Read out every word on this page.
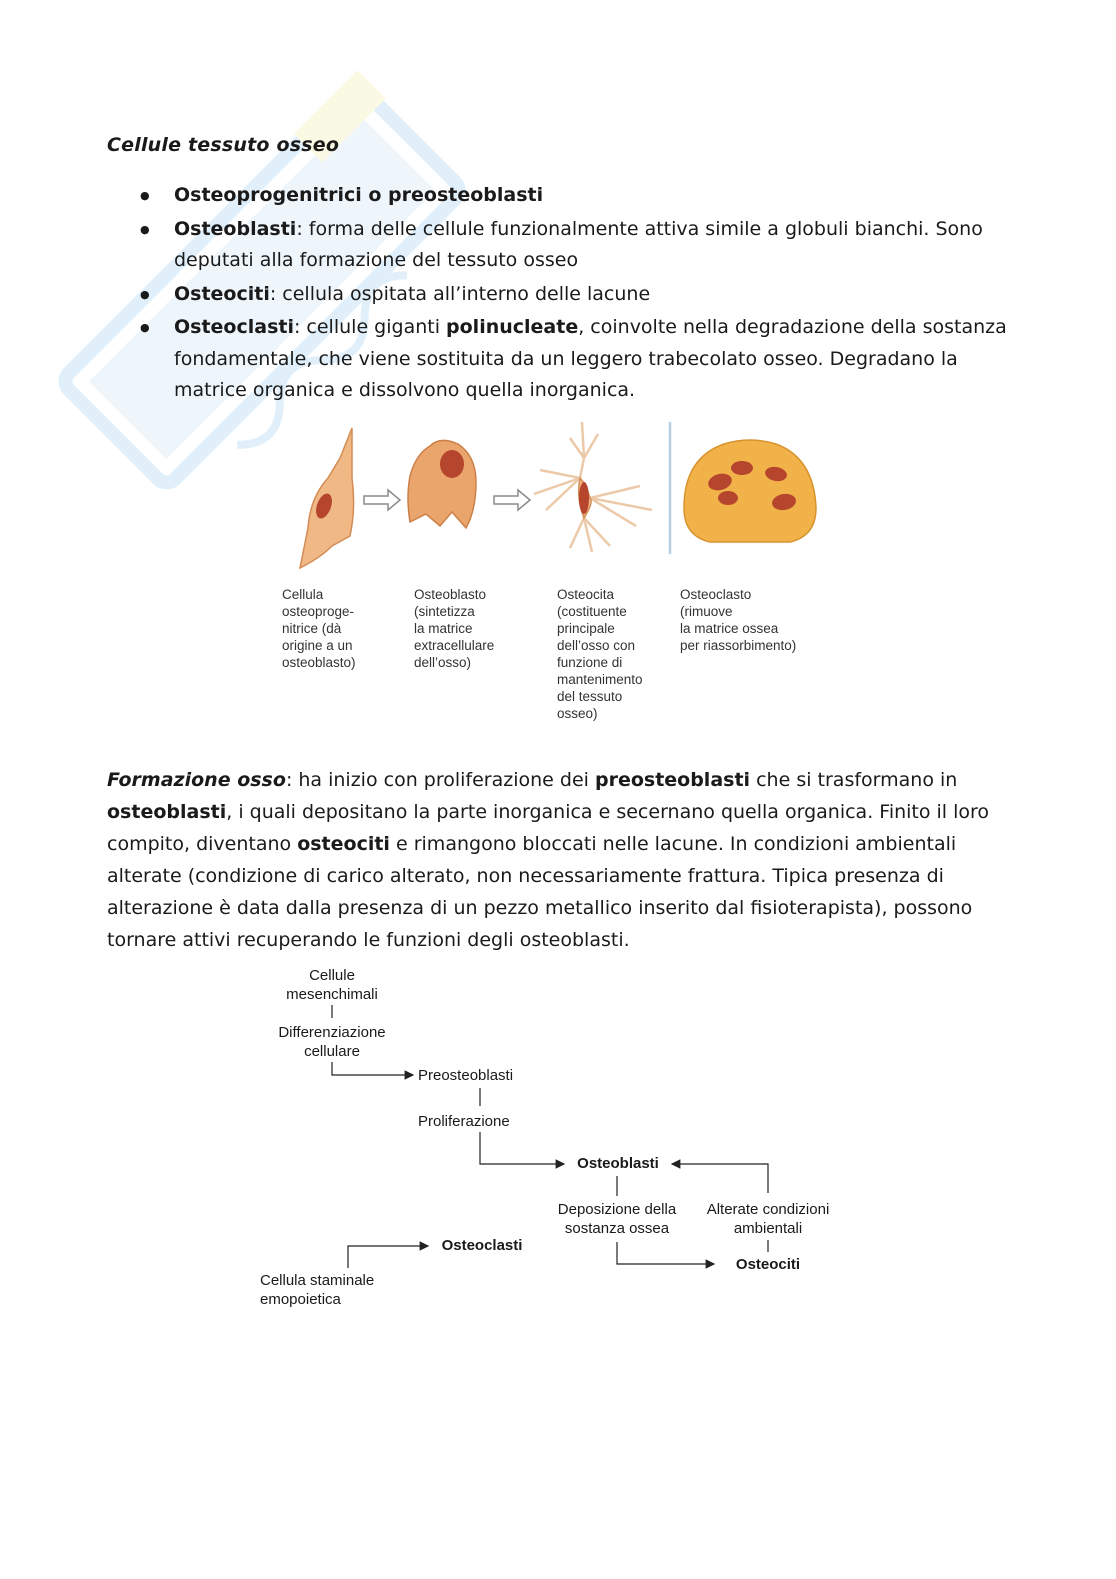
Cellule tessuto osseo
● Osteoprogenitrici o preosteoblasti
● Osteoblasti: forma delle cellule funzionalmente attiva simile a globuli bianchi. Sono deputati alla formazione del tessuto osseo
● Osteociti: cellula ospitata all’interno delle lacune
● Osteoclasti: cellule giganti polinucleate, coinvolte nella degradazione della sostanza fondamentale, che viene sostituita da un leggero trabecolato osseo. Degradano la matrice organica e dissolvono quella inorganica.
Cellula
osteoproge-
nitrice (dà
origine a un
osteoblasto)
Osteoblasto
(sintetizza
la matrice
extracellulare
dell’osso)
Osteocita
(costituente
principale
dell’osso con
funzione di
mantenimento
del tessuto
osseo)
Osteoclasto
(rimuove
la matrice ossea
per riassorbimento)

Formazione osso: ha inizio con proliferazione dei preosteoblasti che si trasformano in osteoblasti, i quali depositano la parte inorganica e secernano quella organica. Finito il loro compito, diventano osteociti e rimangono bloccati nelle lacune. In condizioni ambientali alterate (condizione di carico alterato, non necessariamente frattura. Tipica presenza di alterazione è data dalla presenza di un pezzo metallico inserito dal fisioterapista), possono tornare attivi recuperando le funzioni degli osteoblasti.

Cellule
mesenchimali
Differenziazione
cellulare
Preosteoblasti
Proliferazione
Osteoblasti
Deposizione della
sostanza ossea
Alterate condizioni
ambientali
Osteociti
Osteoclasti
Cellula staminale
emopoietica
